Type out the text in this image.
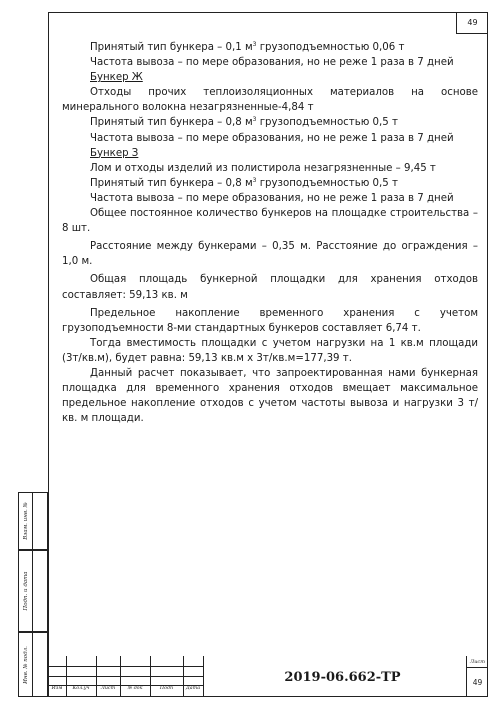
49
Взам. инв. №
Подп. и дата
Инв. № подл.

Принятый тип бункера – 0,1 $м^3$ грузоподъемностью 0,06 т

Частота вывоза – по мере образования, но не реже 1 раза в 7 дней

Бункер Ж

Отходы прочих теплоизоляционных материалов на основе минерального волокна незагрязненные-4,84 т

Принятый тип бункера – 0,8 $м^3$ грузоподъемностью 0,5 т

Частота вывоза – по мере образования, но не реже 1 раза в 7 дней

Бункер З

Лом и отходы изделий из полистирола незагрязненные – 9,45 т

Принятый тип бункера – 0,8 $м^3$ грузоподъемностью 0,5 т

Частота вывоза – по мере образования, но не реже 1 раза в 7 дней

Общее постоянное количество бункеров на площадке строительства – 8 шт.

Расстояние между бункерами – 0,35 м. Расстояние до ограждения – 1,0 м.

Общая площадь бункерной площадки для хранения отходов составляет: 59,13 кв. м

Предельное накопление временного хранения с учетом грузоподъемности 8-ми стандартных бункеров составляет 6,74 т.

Тогда вместимость площадки с учетом нагрузки на 1 кв.м площади (3т/кв.м), будет равна: 59,13 кв.м х 3т/кв.м=177,39 т.

Данный расчет показывает, что запроектированная нами бункерная площадка для временного хранения отходов вмещает максимальное предельное накопление отходов с учетом частоты вывоза и нагрузки 3 т/кв. м площади.

Изм	Кол.уч	Лист	№ док	Подп	Дата
2019-06.662-ТР
Лист
49
